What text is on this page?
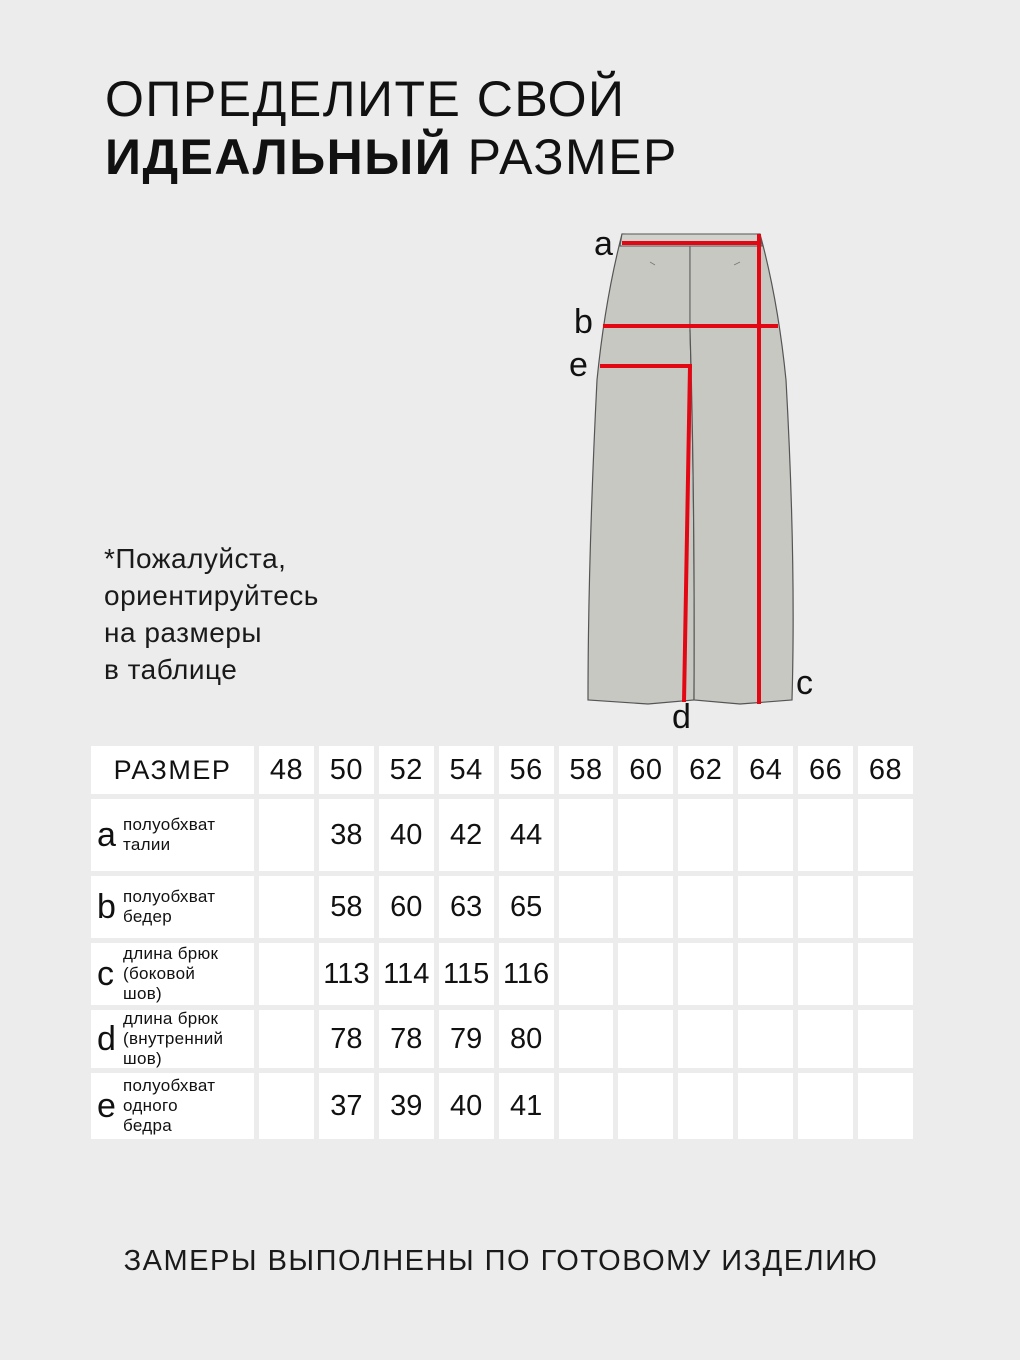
ОПРЕДЕЛИТЕ СВОЙ
ИДЕАЛЬНЫЙ РАЗМЕР
*Пожалуйста,
ориентируйтесь
на размеры
в таблице
a
b
e
c
d
РАЗМЕР	48	50	52	54	56	58	60	62	64	66	68

a полуобхват
талии		38	40	42	44						

b полуобхват
бедер		58	60	63	65						

c
длина брюк
(боковой
шов)		113	114	115	116						

d
длина брюк
(внутренний
шов)		78	78	79	80						

e
полуобхват
одного
бедра		37	39	40	41						
ЗАМЕРЫ ВЫПОЛНЕНЫ ПО ГОТОВОМУ ИЗДЕЛИЮ
